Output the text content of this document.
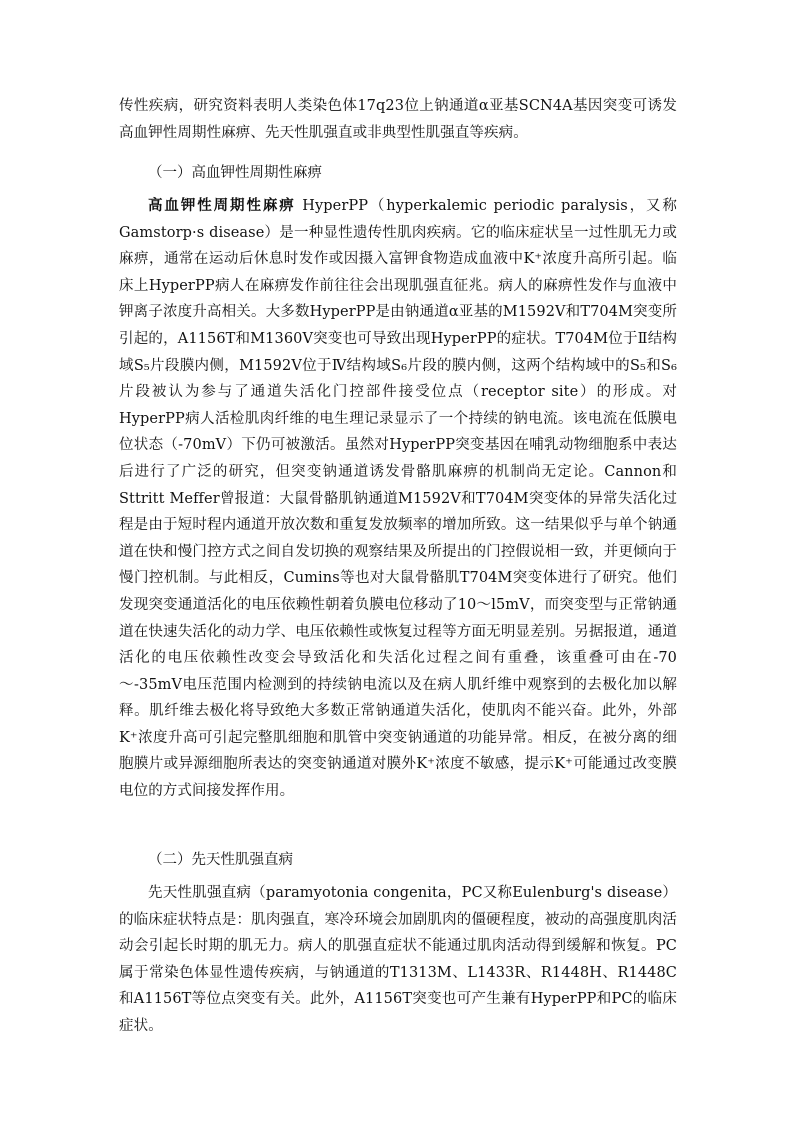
传性疾病，研究资料表明人类染色体17q23位上钠通道α亚基SCN4A基因突变可诱发高血钾性周期性麻痹、先天性肌强直或非典型性肌强直等疾病。

（一）高血钾性周期性麻痹

高血钾性周期性麻痹 HyperPP（hyperkalemic periodic paralysis，又称Gamstorp·s disease）是一种显性遗传性肌肉疾病。它的临床症状呈一过性肌无力或麻痹，通常在运动后休息时发作或因摄入富钾食物造成血液中K⁺浓度升高所引起。临床上HyperPP病人在麻痹发作前往往会出现肌强直征兆。病人的麻痹性发作与血液中钾离子浓度升高相关。大多数HyperPP是由钠通道α亚基的M1592V和T704M突变所引起的，A1156T和M1360V突变也可导致出现HyperPP的症状。T704M位于Ⅱ结构域S₅片段膜内侧，M1592V位于Ⅳ结构域S₆片段的膜内侧，这两个结构域中的S₅和S₆片段被认为参与了通道失活化门控部件接受位点（receptor site）的形成。对HyperPP病人活检肌肉纤维的电生理记录显示了一个持续的钠电流。该电流在低膜电位状态（-70mV）下仍可被激活。虽然对HyperPP突变基因在哺乳动物细胞系中表达后进行了广泛的研究，但突变钠通道诱发骨骼肌麻痹的机制尚无定论。Cannon和Sttritt Meffer曾报道：大鼠骨骼肌钠通道M1592V和T704M突变体的异常失活化过程是由于短时程内通道开放次数和重复发放频率的增加所致。这一结果似乎与单个钠通道在快和慢门控方式之间自发切换的观察结果及所提出的门控假说相一致，并更倾向于慢门控机制。与此相反，Cumins等也对大鼠骨骼肌T704M突变体进行了研究。他们发现突变通道活化的电压依赖性朝着负膜电位移动了10～l5mV，而突变型与正常钠通道在快速失活化的动力学、电压依赖性或恢复过程等方面无明显差别。另据报道，通道活化的电压依赖性改变会导致活化和失活化过程之间有重叠，该重叠可由在-70～-35mV电压范围内检测到的持续钠电流以及在病人肌纤维中观察到的去极化加以解释。肌纤维去极化将导致绝大多数正常钠通道失活化，使肌肉不能兴奋。此外，外部K⁺浓度升高可引起完整肌细胞和肌管中突变钠通道的功能异常。相反，在被分离的细胞膜片或异源细胞所表达的突变钠通道对膜外K⁺浓度不敏感，提示K⁺可能通过改变膜电位的方式间接发挥作用。

（二）先天性肌强直病

先天性肌强直病（paramyotonia congenita，PC又称Eulenburg's disease） 的临床症状特点是：肌肉强直，寒冷环境会加剧肌肉的僵硬程度，被动的高强度肌肉活动会引起长时期的肌无力。病人的肌强直症状不能通过肌肉活动得到缓解和恢复。PC属于常染色体显性遗传疾病，与钠通道的T1313M、L1433R、R1448H、R1448C和A1156T等位点突变有关。此外，A1156T突变也可产生兼有HyperPP和PC的临床症状。
